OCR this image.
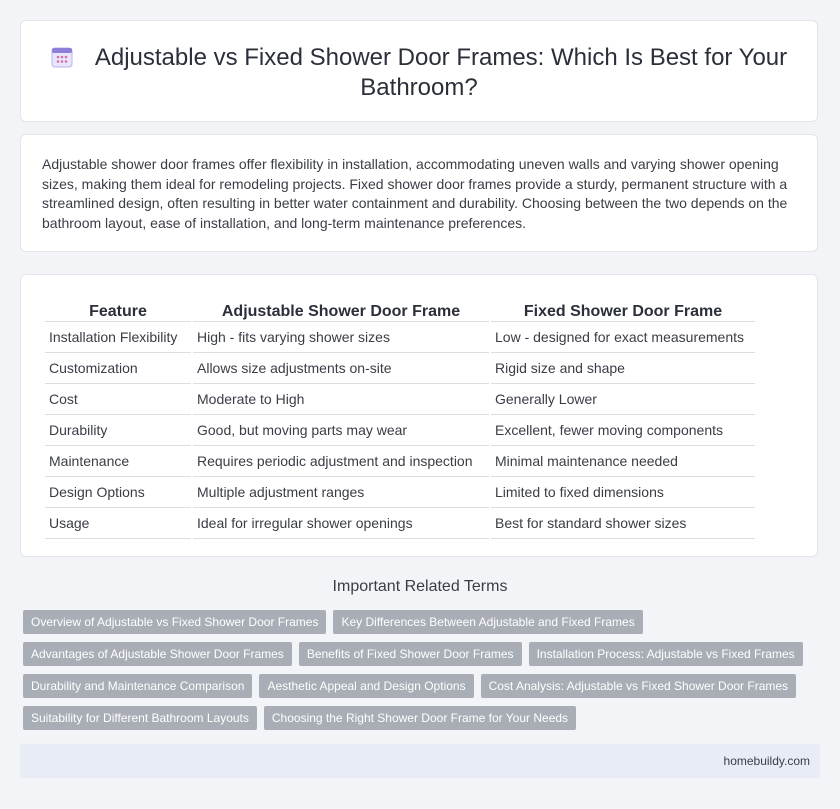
Adjustable vs Fixed Shower Door Frames: Which Is Best for Your Bathroom?

Adjustable shower door frames offer flexibility in installation, accommodating uneven walls and varying shower opening sizes, making them ideal for remodeling projects. Fixed shower door frames provide a sturdy, permanent structure with a streamlined design, often resulting in better water containment and durability. Choosing between the two depends on the bathroom layout, ease of installation, and long-term maintenance preferences.

Feature	Adjustable Shower Door Frame	Fixed Shower Door Frame
Installation Flexibility	High - fits varying shower sizes	Low - designed for exact measurements
Customization	Allows size adjustments on-site	Rigid size and shape
Cost	Moderate to High	Generally Lower
Durability	Good, but moving parts may wear	Excellent, fewer moving components
Maintenance	Requires periodic adjustment and inspection	Minimal maintenance needed
Design Options	Multiple adjustment ranges	Limited to fixed dimensions
Usage	Ideal for irregular shower openings	Best for standard shower sizes
Important Related Terms
Overview of Adjustable vs Fixed Shower Door Frames	Key Differences Between Adjustable and Fixed Frames
Advantages of Adjustable Shower Door Frames	Benefits of Fixed Shower Door Frames	Installation Process: Adjustable vs Fixed Frames
Durability and Maintenance Comparison	Aesthetic Appeal and Design Options	Cost Analysis: Adjustable vs Fixed Shower Door Frames
Suitability for Different Bathroom Layouts	Choosing the Right Shower Door Frame for Your Needs
homebuildy.com
